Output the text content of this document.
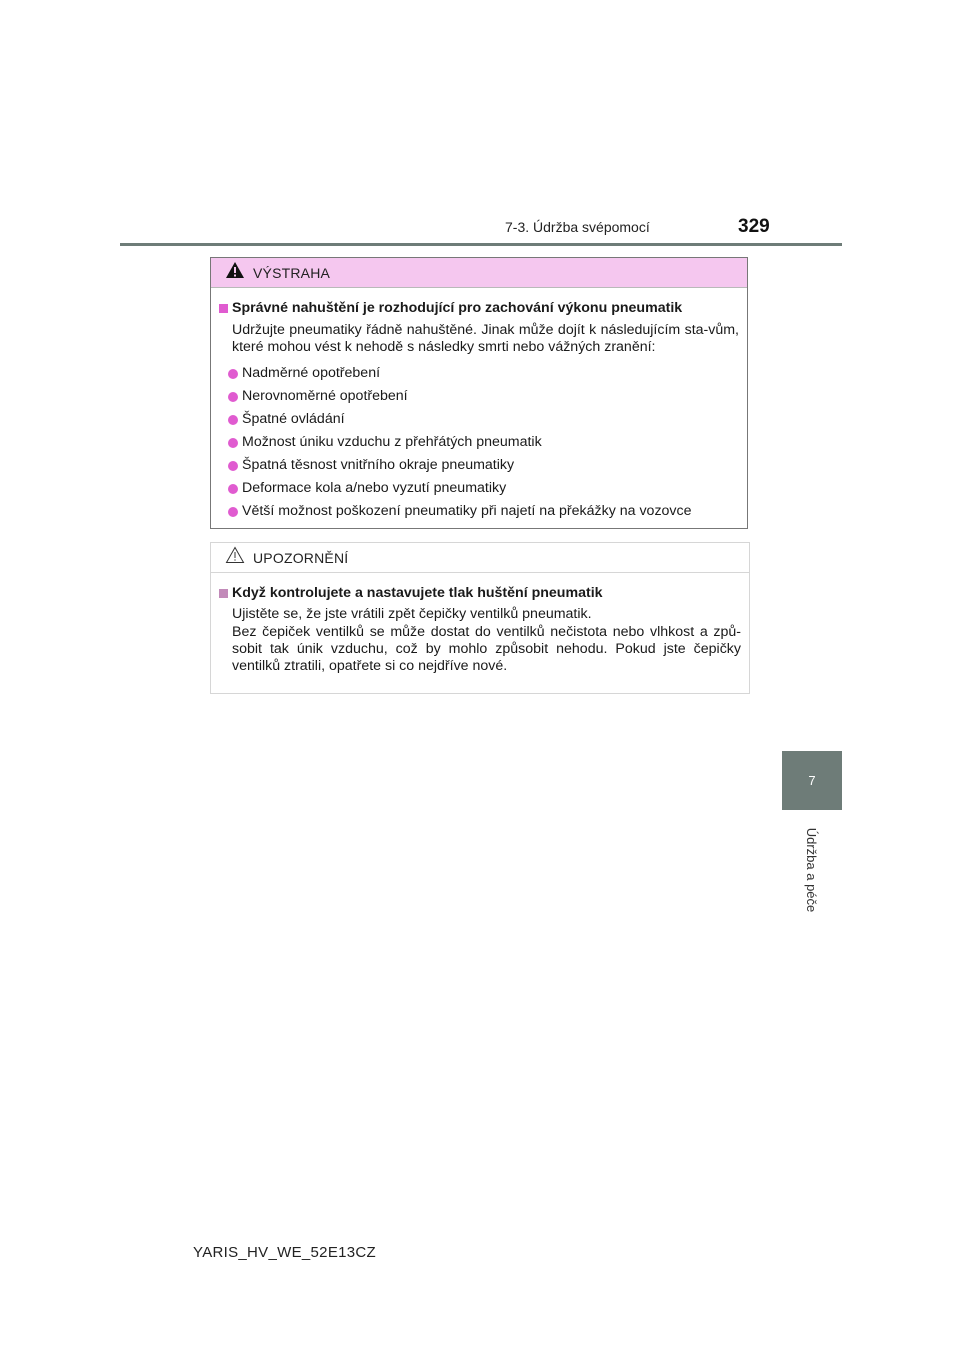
7-3. Údržba svépomocí	329
7
Údržba a péče
VÝSTRAHA
Správné nahuštění je rozhodující pro zachování výkonu pneumatik
Udržujte pneumatiky řádně nahuštěné. Jinak může dojít k následujícím sta-vům, které mohou vést k nehodě s následky smrti nebo vážných zranění:
Nadměrné opotřebení
Nerovnoměrné opotřebení
Špatné ovládání
Možnost úniku vzduchu z přehřátých pneumatik
Špatná těsnost vnitřního okraje pneumatiky
Deformace kola a/nebo vyzutí pneumatiky
Větší možnost poškození pneumatiky při najetí na překážky na vozovce
UPOZORNĚNÍ
Když kontrolujete a nastavujete tlak huštění pneumatik
Ujistěte se, že jste vrátili zpět čepičky ventilků pneumatik.
Bez čepiček ventilků se může dostat do ventilků nečistota nebo vlhkost a způ-sobit tak únik vzduchu, což by mohlo způsobit nehodu. Pokud jste čepičky ventilků ztratili, opatřete si co nejdříve nové.
YARIS_HV_WE_52E13CZ
